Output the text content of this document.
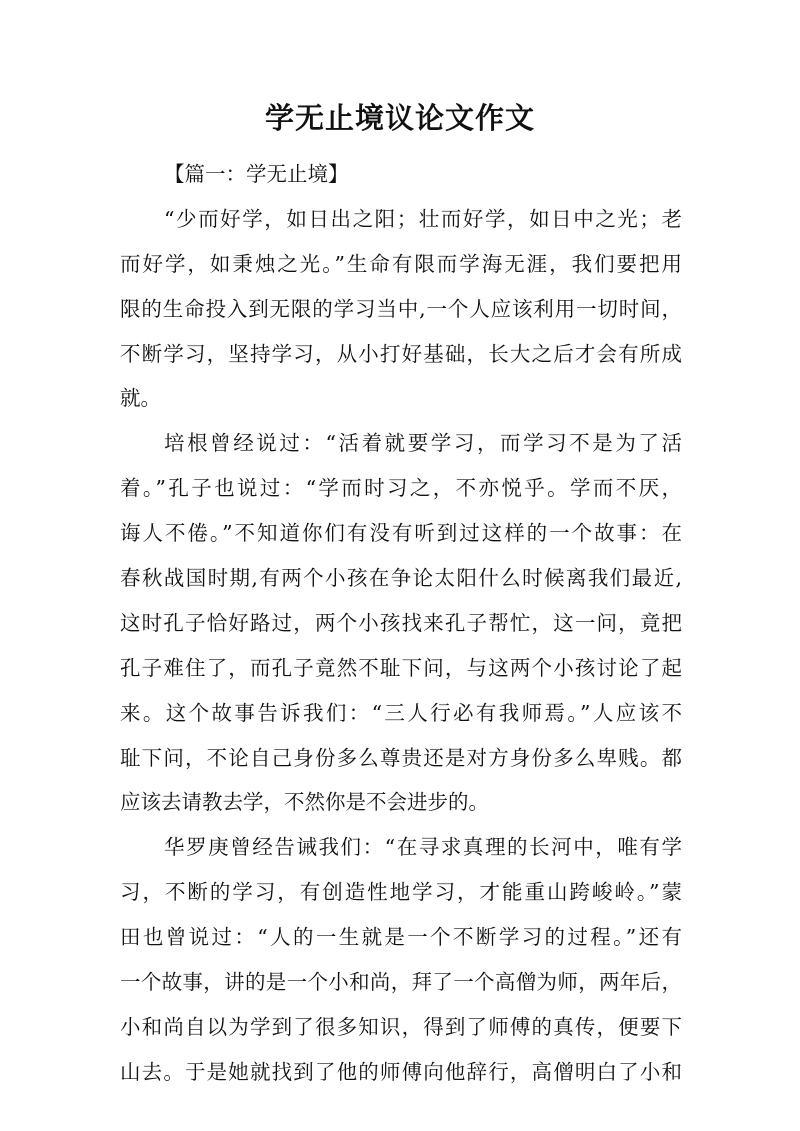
学无止境议论文作文
【篇一：学无止境】
“少而好学，如日出之阳；壮而好学，如日中之光；老
而好学，如秉烛之光。”生命有限而学海无涯，我们要把用
限的生命投入到无限的学习当中,一个人应该利用一切时间，
不断学习，坚持学习，从小打好基础，长大之后才会有所成
就。
培根曾经说过：“活着就要学习，而学习不是为了活
着。”孔子也说过：“学而时习之，不亦悦乎。学而不厌，
诲人不倦。”不知道你们有没有听到过这样的一个故事：在
春秋战国时期,有两个小孩在争论太阳什么时候离我们最近,
这时孔子恰好路过，两个小孩找来孔子帮忙，这一问，竟把
孔子难住了，而孔子竟然不耻下问，与这两个小孩讨论了起
来。这个故事告诉我们：“三人行必有我师焉。”人应该不
耻下问，不论自己身份多么尊贵还是对方身份多么卑贱。都
应该去请教去学，不然你是不会进步的。
华罗庚曾经告诫我们：“在寻求真理的长河中，唯有学
习，不断的学习，有创造性地学习，才能重山跨峻岭。”蒙
田也曾说过：“人的一生就是一个不断学习的过程。”还有
一个故事，讲的是一个小和尚，拜了一个高僧为师，两年后，
小和尚自以为学到了很多知识，得到了师傅的真传，便要下
山去。于是她就找到了他的师傅向他辞行，高僧明白了小和
